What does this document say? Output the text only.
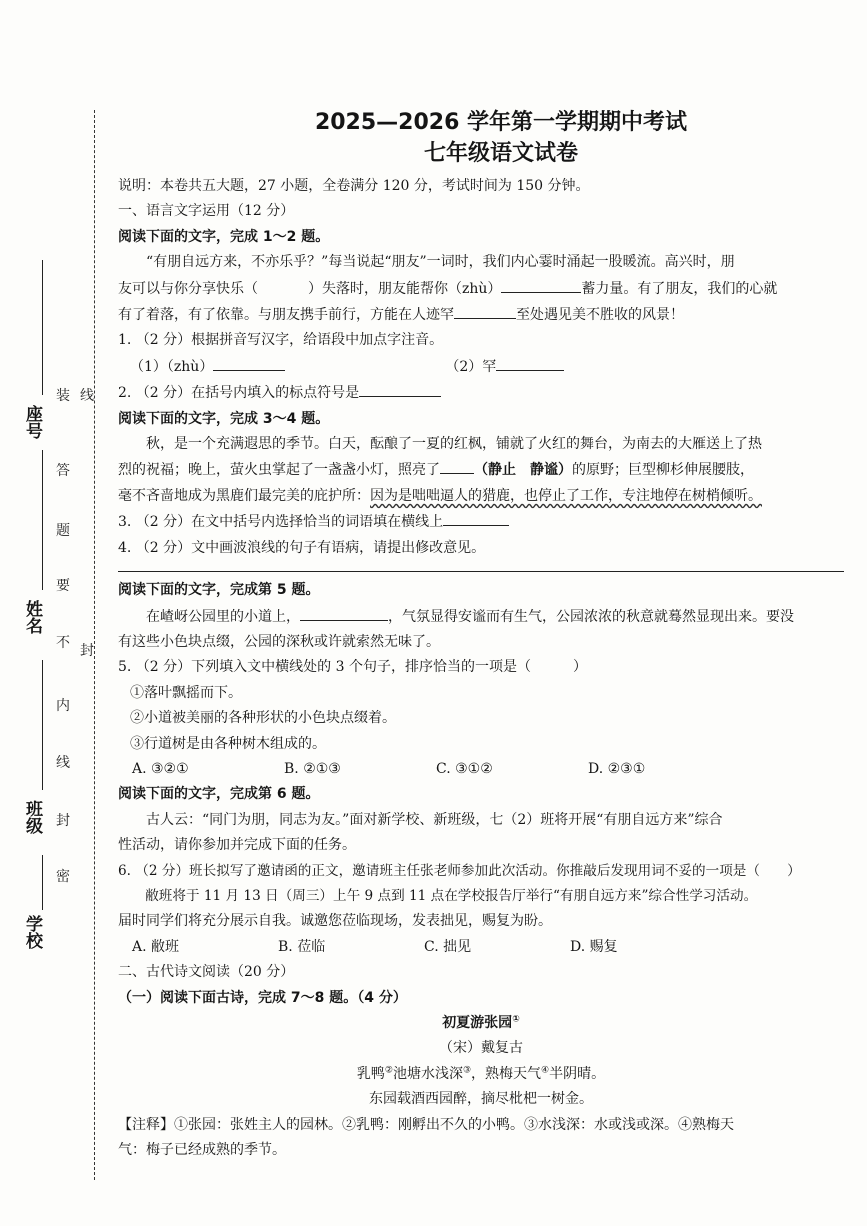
装 线
答
题
要
不 封
内
线
封
密
座号
姓名
班级
学校
2025—2026 学年第一学期期中考试
七年级语文试卷

说明：本卷共五大题，27 小题，全卷满分 120 分，考试时间为 150 分钟。

一、语言文字运用（12 分）

阅读下面的文字，完成 1～2 题。

“有朋自远方来，不亦乐乎？”每当说起“朋友”一词时，我们内心霎时涌起一股暖流。高兴时，朋

友可以与你分享快乐（	）失落时，朋友能帮你（zhù）	蓄力量。有了朋友，我们的心就

有了着落，有了依靠。与朋友携手前行，方能在人迹罕	至处遇见美不胜收的风景！

1. （2 分）根据拼音写汉字，给语段中加点字注音。

（1）（zhù）	（2）罕

2. （2 分）在括号内填入的标点符号是

阅读下面的文字，完成 3～4 题。

秋，是一个充满遐思的季节。白天，酝酿了一夏的红枫，铺就了火红的舞台，为南去的大雁送上了热

烈的祝福；晚上，萤火虫掌起了一盏盏小灯，照亮了 （静止　静谧）的原野；巨型柳杉伸展腰肢，

毫不吝啬地成为黑鹿们最完美的庇护所：因为是咄咄逼人的猎鹿，也停止了工作，专注地停在树梢倾听。

3. （2 分）在文中括号内选择恰当的词语填在横线上

4. （2 分）文中画波浪线的句子有语病，请提出修改意见。

阅读下面的文字，完成第 5 题。

在嵖岈公园里的小道上，	，气氛显得安谧而有生气，公园浓浓的秋意就蓦然显现出来。要没

有这些小色块点缀，公园的深秋或许就索然无味了。

5. （2 分）下列填入文中横线处的 3 个句子，排序恰当的一项是（　　　）

①落叶飘摇而下。

②小道被美丽的各种形状的小色块点缀着。

③行道树是由各种树木组成的。

A. ③②①	B. ②①③	C. ③①②	D. ②③①

阅读下面的文字，完成第 6 题。

古人云：“同门为朋，同志为友。”面对新学校、新班级，七（2）班将开展“有朋自远方来”综合

性活动，请你参加并完成下面的任务。

6. （2 分）班长拟写了邀请函的正文，邀请班主任张老师参加此次活动。你推敲后发现用词不妥的一项是（　　）

敝班将于 11 月 13 日（周三）上午 9 点到 11 点在学校报告厅举行“有朋自远方来”综合性学习活动。

届时同学们将充分展示自我。诚邀您莅临现场，发表拙见，赐复为盼。

A. 敝班	B. 莅临	C. 拙见	D. 赐复

二、古代诗文阅读（20 分）

（一）阅读下面古诗，完成 7～8 题。（4 分）

初夏游张园①

（宋）戴复古

乳鸭②池塘水浅深③，熟梅天气④半阴晴。

东园载酒西园醉，摘尽枇杷一树金。

【注释】①张园：张姓主人的园林。②乳鸭：刚孵出不久的小鸭。③水浅深：水或浅或深。④熟梅天

气：梅子已经成熟的季节。
